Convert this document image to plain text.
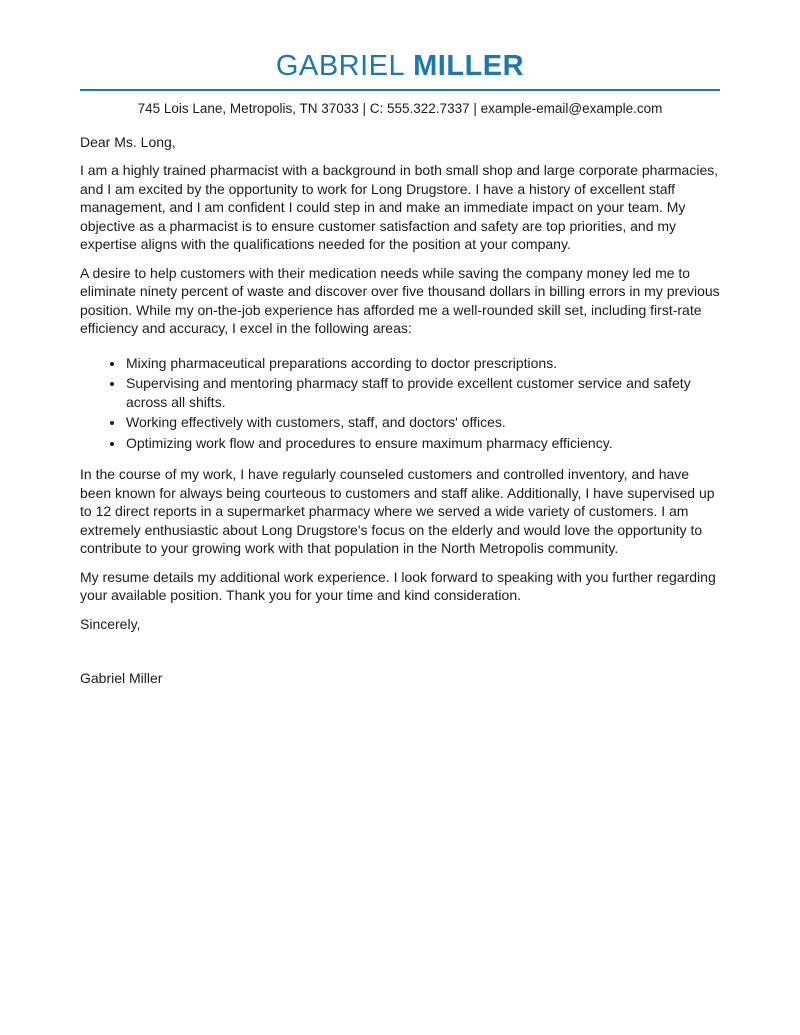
GABRIEL MILLER
745 Lois Lane, Metropolis, TN 37033 | C: 555.322.7337 | example-email@example.com

Dear Ms. Long,

I am a highly trained pharmacist with a background in both small shop and large corporate pharmacies, and I am excited by the opportunity to work for Long Drugstore. I have a history of excellent staff management, and I am confident I could step in and make an immediate impact on your team. My objective as a pharmacist is to ensure customer satisfaction and safety are top priorities, and my expertise aligns with the qualifications needed for the position at your company.

A desire to help customers with their medication needs while saving the company money led me to eliminate ninety percent of waste and discover over five thousand dollars in billing errors in my previous position. While my on-the-job experience has afforded me a well-rounded skill set, including first-rate efficiency and accuracy, I excel in the following areas:

• Mixing pharmaceutical preparations according to doctor prescriptions.
• Supervising and mentoring pharmacy staff to provide excellent customer service and safety across all shifts.
• Working effectively with customers, staff, and doctors' offices.
• Optimizing work flow and procedures to ensure maximum pharmacy efficiency.

In the course of my work, I have regularly counseled customers and controlled inventory, and have been known for always being courteous to customers and staff alike. Additionally, I have supervised up to 12 direct reports in a supermarket pharmacy where we served a wide variety of customers. I am extremely enthusiastic about Long Drugstore's focus on the elderly and would love the opportunity to contribute to your growing work with that population in the North Metropolis community.

My resume details my additional work experience. I look forward to speaking with you further regarding your available position. Thank you for your time and kind consideration.

Sincerely,

Gabriel Miller
